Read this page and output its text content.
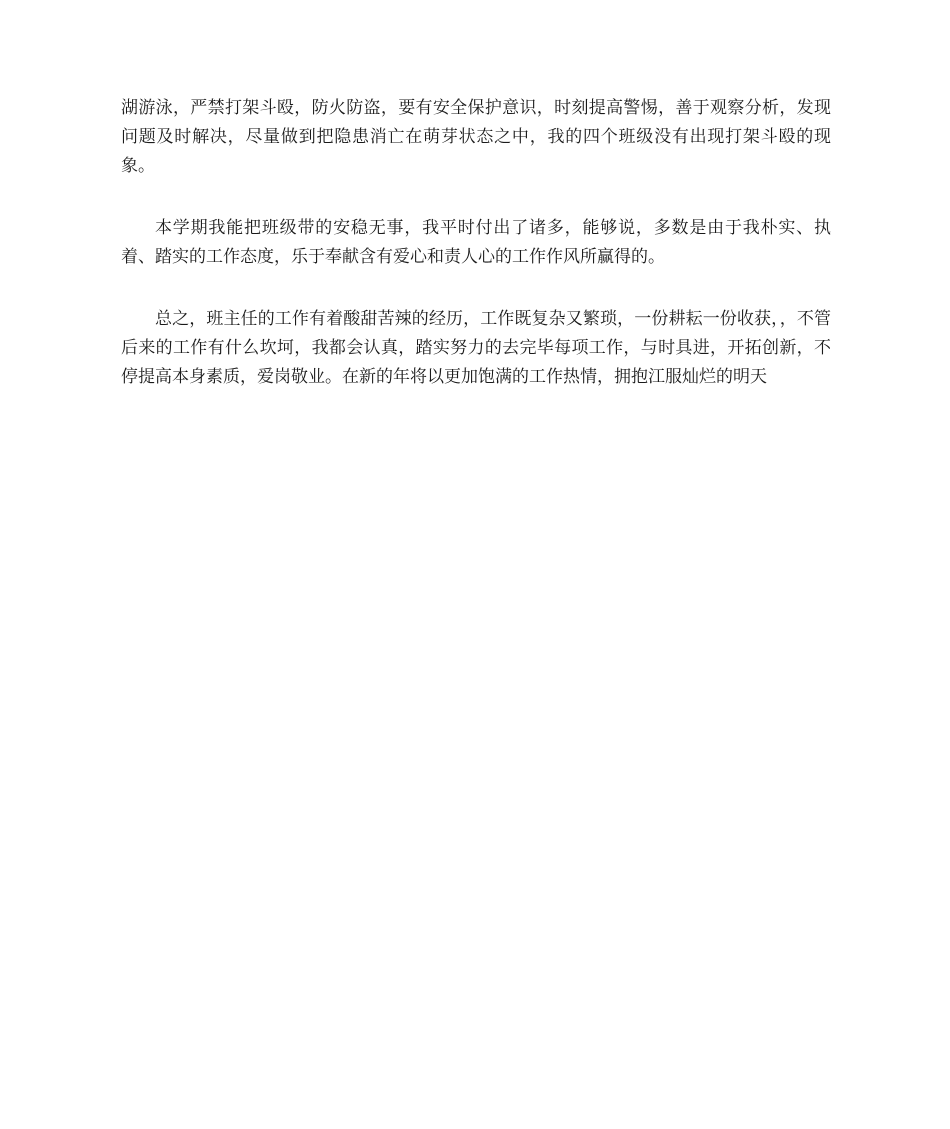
湖游泳，严禁打架斗殴，防火防盗，要有安全保护意识，时刻提高警惕，善于观察分析，发现问题及时解决，尽量做到把隐患消亡在萌芽状态之中，我的四个班级没有出现打架斗殴的现象。

本学期我能把班级带的安稳无事，我平时付出了诸多，能够说，多数是由于我朴实、执着、踏实的工作态度，乐于奉献含有爱心和责人心的工作作风所赢得的。

总之，班主任的工作有着酸甜苦辣的经历，工作既复杂又繁琐，一份耕耘一份收获，，不管后来的工作有什么坎坷，我都会认真，踏实努力的去完毕每项工作，与时具进，开拓创新，不停提高本身素质，爱岗敬业。在新的年将以更加饱满的工作热情，拥抱江服灿烂的明天
